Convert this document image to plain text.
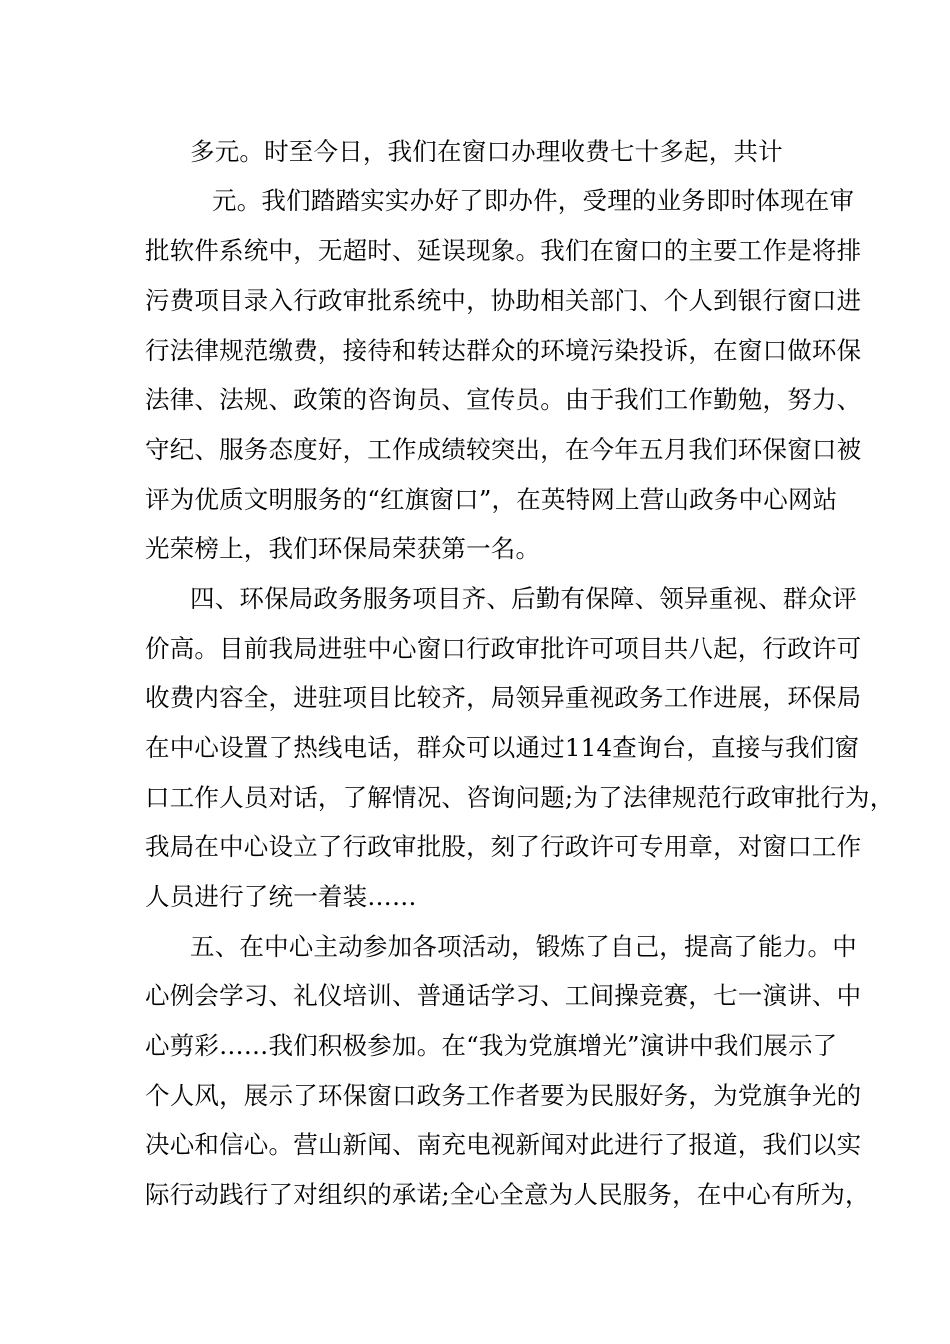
多元。时至今日，我们在窗口办理收费七十多起，共计
元。我们踏踏实实办好了即办件，受理的业务即时体现在审
批软件系统中，无超时、延误现象。我们在窗口的主要工作是将排
污费项目录入行政审批系统中，协助相关部门、个人到银行窗口进
行法律规范缴费，接待和转达群众的环境污染投诉，在窗口做环保
法律、法规、政策的咨询员、宣传员。由于我们工作勤勉，努力、
守纪、服务态度好，工作成绩较突出，在今年五月我们环保窗口被
评为优质文明服务的“红旗窗口”，在英特网上营山政务中心网站
光荣榜上，我们环保局荣获第一名。
四、环保局政务服务项目齐、后勤有保障、领异重视、群众评
价高。目前我局进驻中心窗口行政审批许可项目共八起，行政许可
收费内容全，进驻项目比较齐，局领异重视政务工作进展，环保局
在中心设置了热线电话，群众可以通过114查询台，直接与我们窗
口工作人员对话，了解情况、咨询问题;为了法律规范行政审批行为，
我局在中心设立了行政审批股，刻了行政许可专用章，对窗口工作
人员进行了统一着装……
五、在中心主动参加各项活动，锻炼了自己，提高了能力。中
心例会学习、礼仪培训、普通话学习、工间操竞赛，七一演讲、中
心剪彩……我们积极参加。在“我为党旗增光”演讲中我们展示了
个人风，展示了环保窗口政务工作者要为民服好务，为党旗争光的
决心和信心。营山新闻、南充电视新闻对此进行了报道，我们以实
际行动践行了对组织的承诺;全心全意为人民服务，在中心有所为，
